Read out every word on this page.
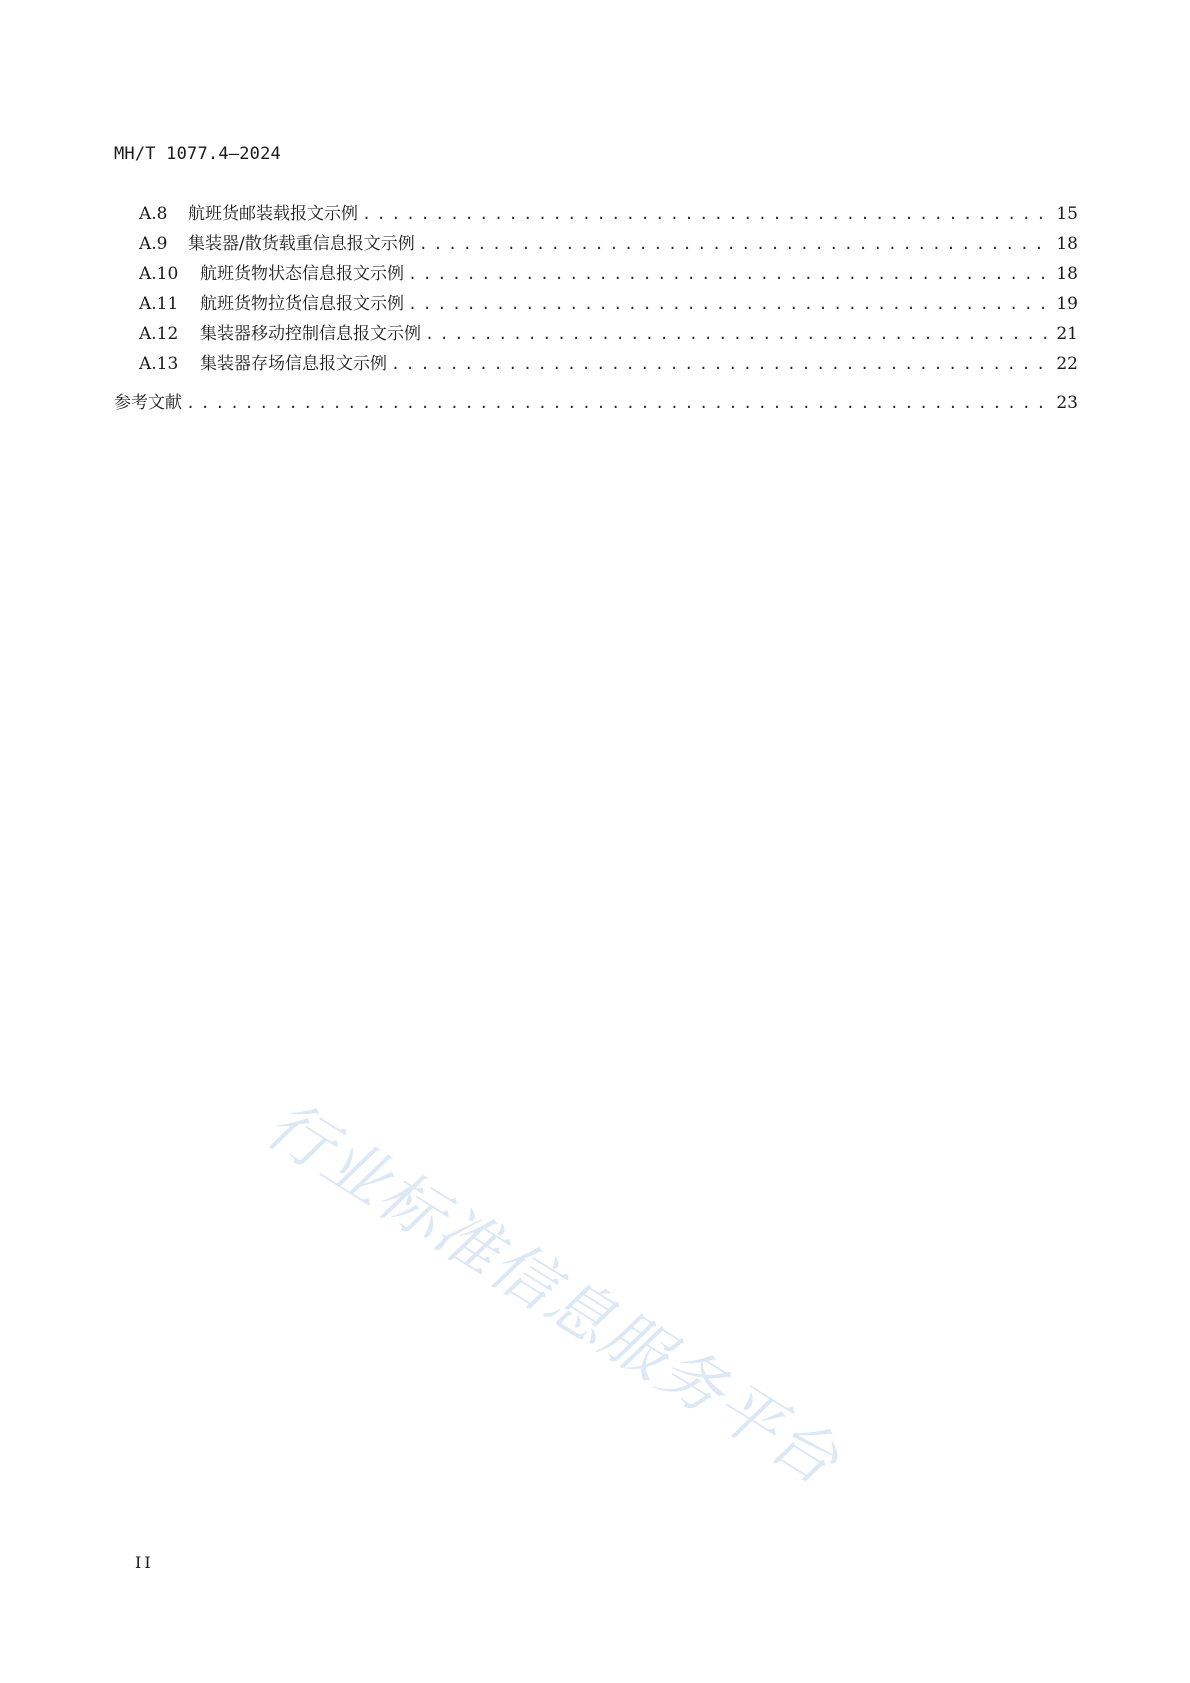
MH/T 1077.4—2024
A.8	航班货邮装载报文示例 . . .	15
A.9	集装器/散货载重信息报文示例 . . .	18
A.10	航班货物状态信息报文示例 . . .	18
A.11	航班货物拉货信息报文示例 . . .	19
A.12	集装器移动控制信息报文示例 . . .	21
A.13	集装器存场信息报文示例 . . .	22
参考文献 . . .	23
行业标准信息服务平台
II
